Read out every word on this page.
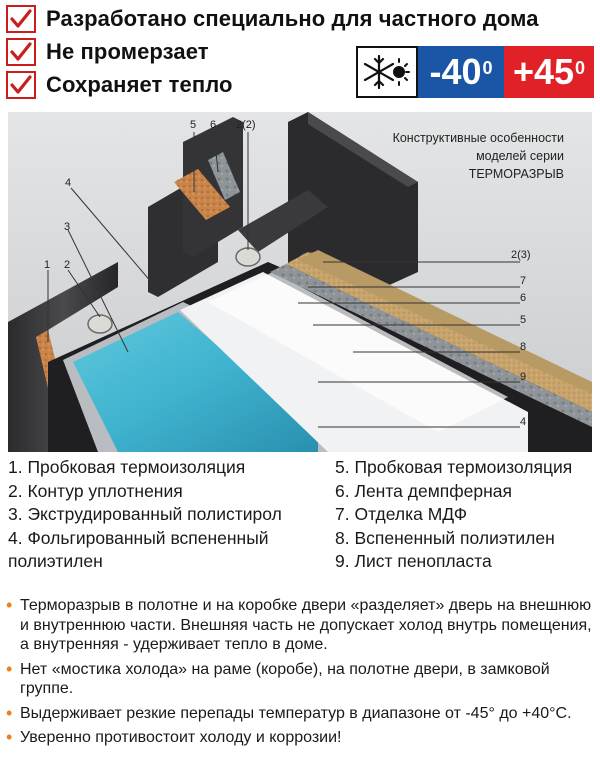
Разработано специально для частного дома
Не промерзает
Сохраняет тепло	-40 0 +45 0
5 6 2(2)
4
3
1 2
2(3)
7
6
5
8
9
4
Конструктивные особенности
моделей серии
ТЕРМОРАЗРЫВ
1. Пробковая термоизоляция
2. Контур уплотнения
3. Экструдированный полистирол
4. Фольгированный вспененный
полиэтилен
5. Пробковая термоизоляция
6. Лента демпферная
7. Отделка МДФ
8. Вспененный полиэтилен
9. Лист пенопласта
• Терморазрыв в полотне и на коробке двери «разделяет» дверь на внешнюю и внутреннюю части. Внешняя часть не допускает холод внутрь помещения, а внутренняя - удерживает тепло в доме.
• Нет «мостика холода» на раме (коробе), на полотне двери, в замковой группе.
• Выдерживает резкие перепады температур в диапазоне от -45° до +40°С.
• Уверенно противостоит холоду и коррозии!
